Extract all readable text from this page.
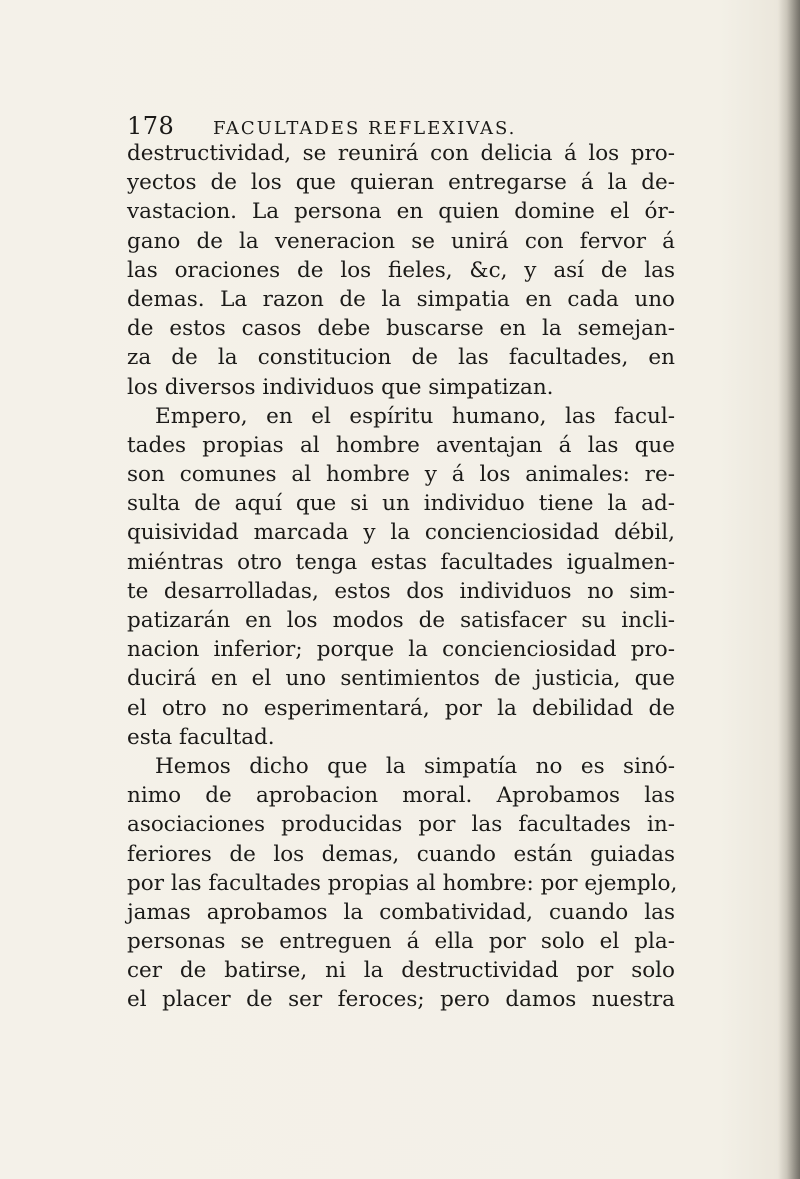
178 FACULTADES REFLEXIVAS.
destructividad, se reunirá con delicia á los pro-
yectos de los que quieran entregarse á la de-
vastacion. La persona en quien domine el ór-
gano de la veneracion se unirá con fervor á
las oraciones de los fieles, &c, y así de las
demas. La razon de la simpatia en cada uno
de estos casos debe buscarse en la semejan-
za de la constitucion de las facultades, en
los diversos individuos que simpatizan.
Empero, en el espíritu humano, las facul-
tades propias al hombre aventajan á las que
son comunes al hombre y á los animales: re-
sulta de aquí que si un individuo tiene la ad-
quisividad marcada y la concienciosidad débil,
miéntras otro tenga estas facultades igualmen-
te desarrolladas, estos dos individuos no sim-
patizarán en los modos de satisfacer su incli-
nacion inferior; porque la concienciosidad pro-
ducirá en el uno sentimientos de justicia, que
el otro no esperimentará, por la debilidad de
esta facultad.
Hemos dicho que la simpatía no es sinó-
nimo de aprobacion moral. Aprobamos las
asociaciones producidas por las facultades in-
feriores de los demas, cuando están guiadas
por las facultades propias al hombre: por ejemplo,
jamas aprobamos la combatividad, cuando las
personas se entreguen á ella por solo el pla-
cer de batirse, ni la destructividad por solo
el placer de ser feroces; pero damos nuestra
